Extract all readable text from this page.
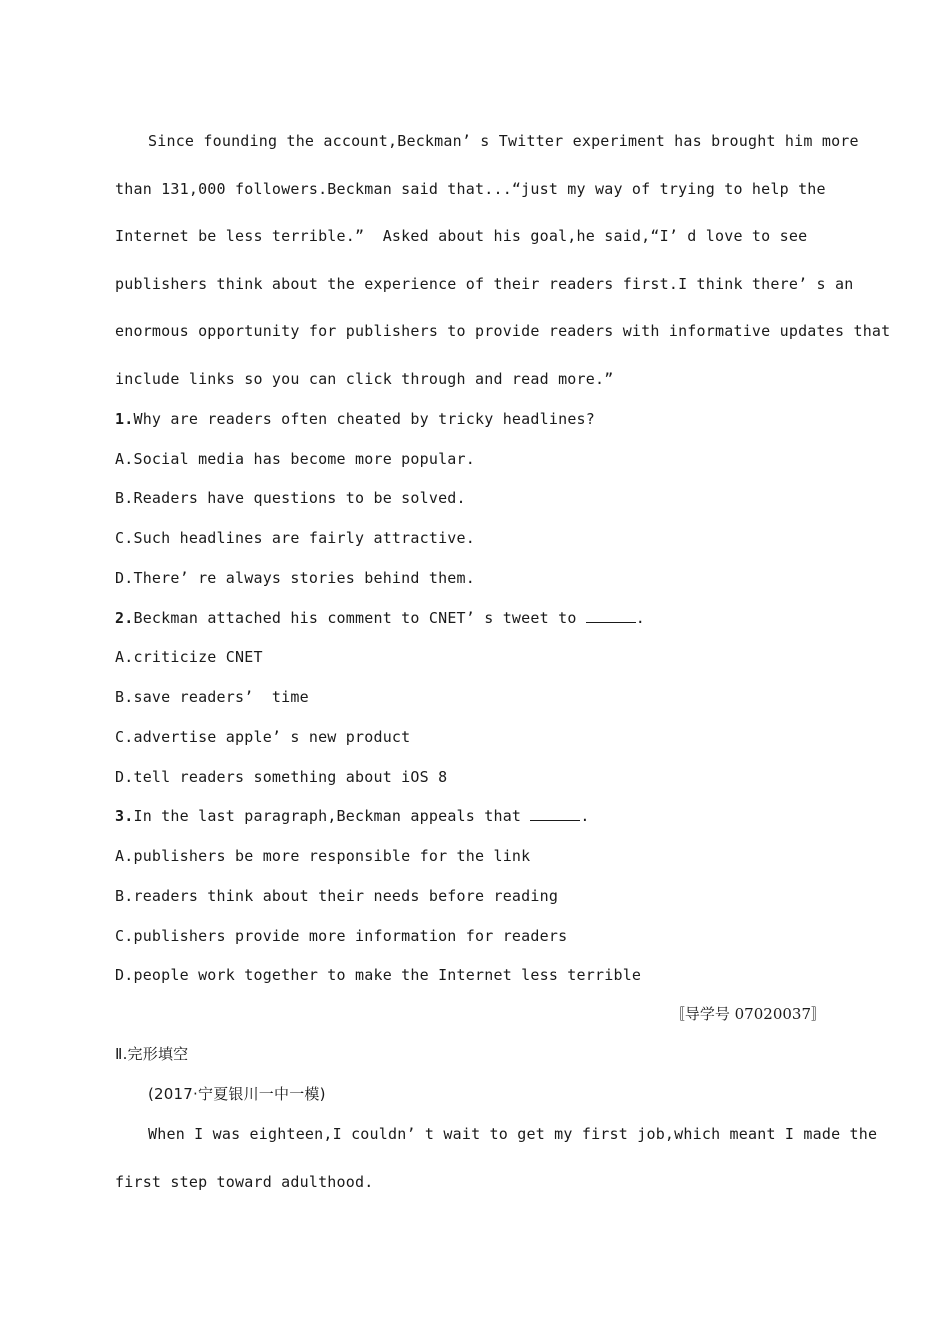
Since founding the account,Beckman’ s Twitter experiment has brought him more
than 131,000 followers.Beckman said that...“just my way of trying to help the
Internet be less terrible.”  Asked about his goal,he said,“I’ d love to see
publishers think about the experience of their readers first.I think there’ s an
enormous opportunity for publishers to provide readers with informative updates that
include links so you can click through and read more.”
1.Why are readers often cheated by tricky headlines?
A.Social media has become more popular.
B.Readers have questions to be solved.
C.Such headlines are fairly attractive.
D.There’ re always stories behind them.
2.Beckman attached his comment to CNET’ s tweet to	.
A.criticize CNET
B.save readers’  time
C.advertise apple’ s new product
D.tell readers something about iOS 8
3.In the last paragraph,Beckman appeals that	.
A.publishers be more responsible for the link
B.readers think about their needs before reading
C.publishers provide more information for readers
D.people work together to make the Internet less terrible
〚导学号 07020037〛
Ⅱ.完形填空
(2017·宁夏银川一中一模)
When I was eighteen,I couldn’ t wait to get my first job,which meant I made the
first step toward adulthood.
